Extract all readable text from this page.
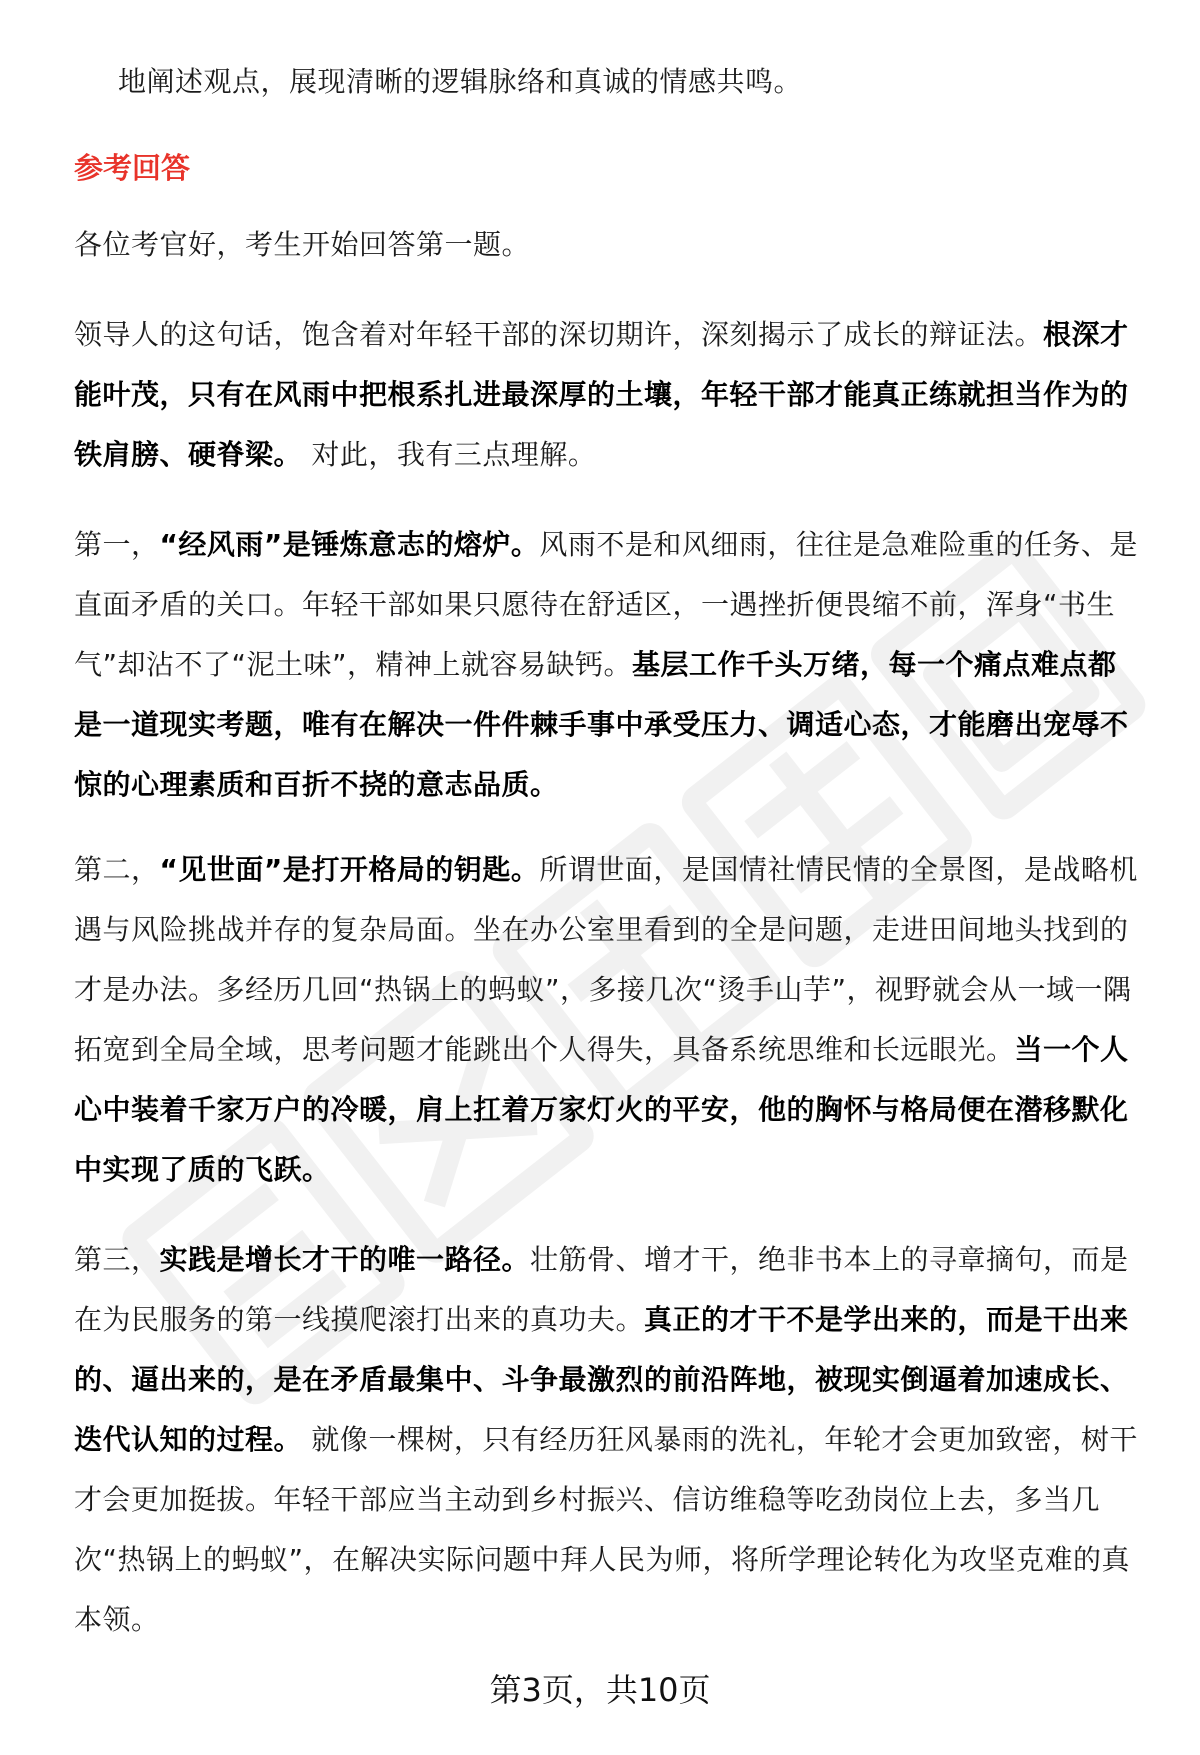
地阐述观点，展现清晰的逻辑脉络和真诚的情感共鸣。
参考回答
各位考官好，考生开始回答第一题。
领导人的这句话，饱含着对年轻干部的深切期许，深刻揭示了成长的辩证法。根深才能叶茂，只有在风雨中把根系扎进最深厚的土壤，年轻干部才能真正练就担当作为的铁肩膀、硬脊梁。 对此，我有三点理解。
第一，“经风雨”是锤炼意志的熔炉。风雨不是和风细雨，往往是急难险重的任务、是直面矛盾的关口。年轻干部如果只愿待在舒适区，一遇挫折便畏缩不前，浑身“书生气”却沾不了“泥土味”，精神上就容易缺钙。基层工作千头万绪，每一个痛点难点都是一道现实考题，唯有在解决一件件棘手事中承受压力、调适心态，才能磨出宠辱不惊的心理素质和百折不挠的意志品质。
第二，“见世面”是打开格局的钥匙。所谓世面，是国情社情民情的全景图，是战略机遇与风险挑战并存的复杂局面。坐在办公室里看到的全是问题，走进田间地头找到的才是办法。多经历几回“热锅上的蚂蚁”，多接几次“烫手山芋”，视野就会从一域一隅拓宽到全局全域，思考问题才能跳出个人得失，具备系统思维和长远眼光。当一个人心中装着千家万户的冷暖，肩上扛着万家灯火的平安，他的胸怀与格局便在潜移默化中实现了质的飞跃。
第三，实践是增长才干的唯一路径。壮筋骨、增才干，绝非书本上的寻章摘句，而是在为民服务的第一线摸爬滚打出来的真功夫。真正的才干不是学出来的，而是干出来的、逼出来的，是在矛盾最集中、斗争最激烈的前沿阵地，被现实倒逼着加速成长、迭代认知的过程。 就像一棵树，只有经历狂风暴雨的洗礼，年轮才会更加致密，树干才会更加挺拔。年轻干部应当主动到乡村振兴、信访维稳等吃劲岗位上去，多当几次“热锅上的蚂蚁”，在解决实际问题中拜人民为师，将所学理论转化为攻坚克难的真本领。
第3页，共10页
